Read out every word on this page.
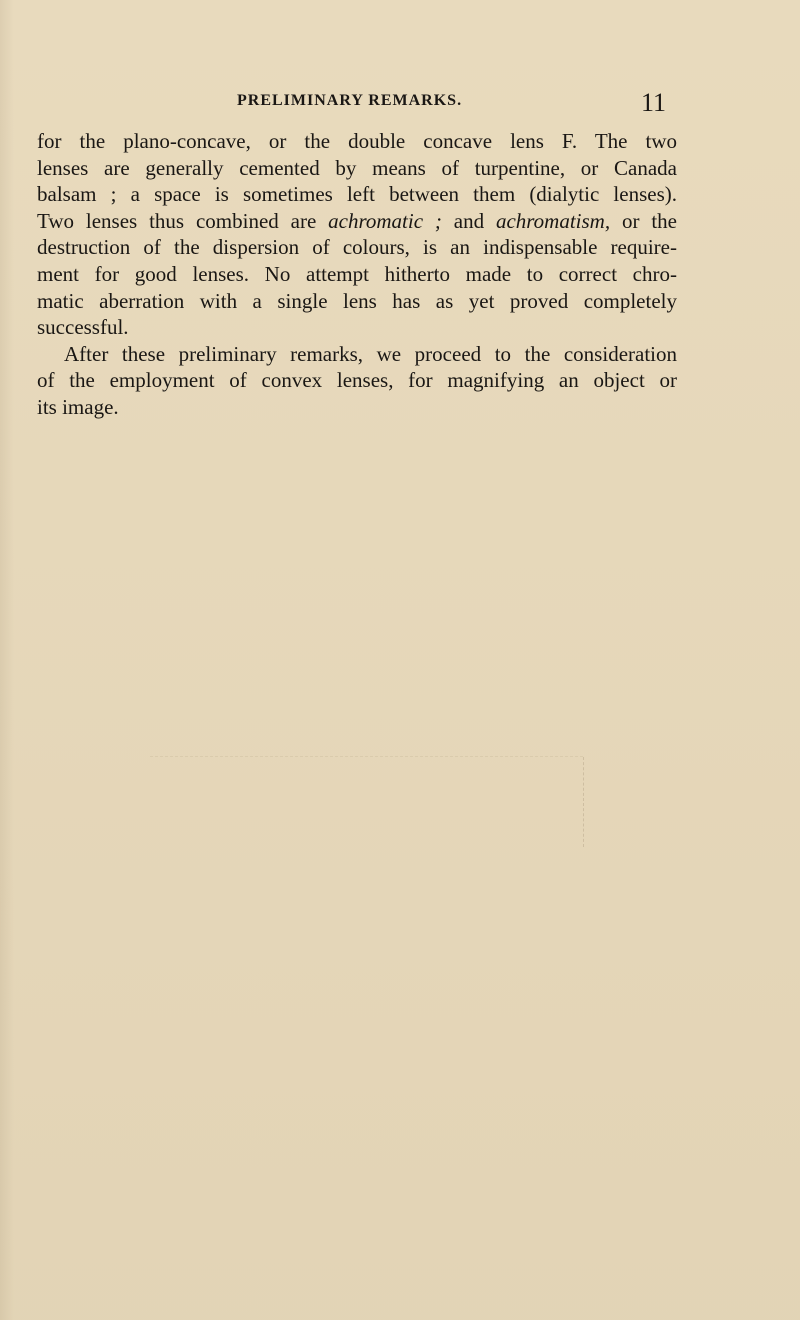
PRELIMINARY REMARKS.	11
for the plano-concave, or the double concave lens F. The two
lenses are generally cemented by means of turpentine, or Canada
balsam ; a space is sometimes left between them (dialytic lenses).
Two lenses thus combined are achromatic ; and achromatism, or the
destruction of the dispersion of colours, is an indispensable require-
ment for good lenses. No attempt hitherto made to correct chro-
matic aberration with a single lens has as yet proved completely
successful.
After these preliminary remarks, we proceed to the consideration
of the employment of convex lenses, for magnifying an object or
its image.
